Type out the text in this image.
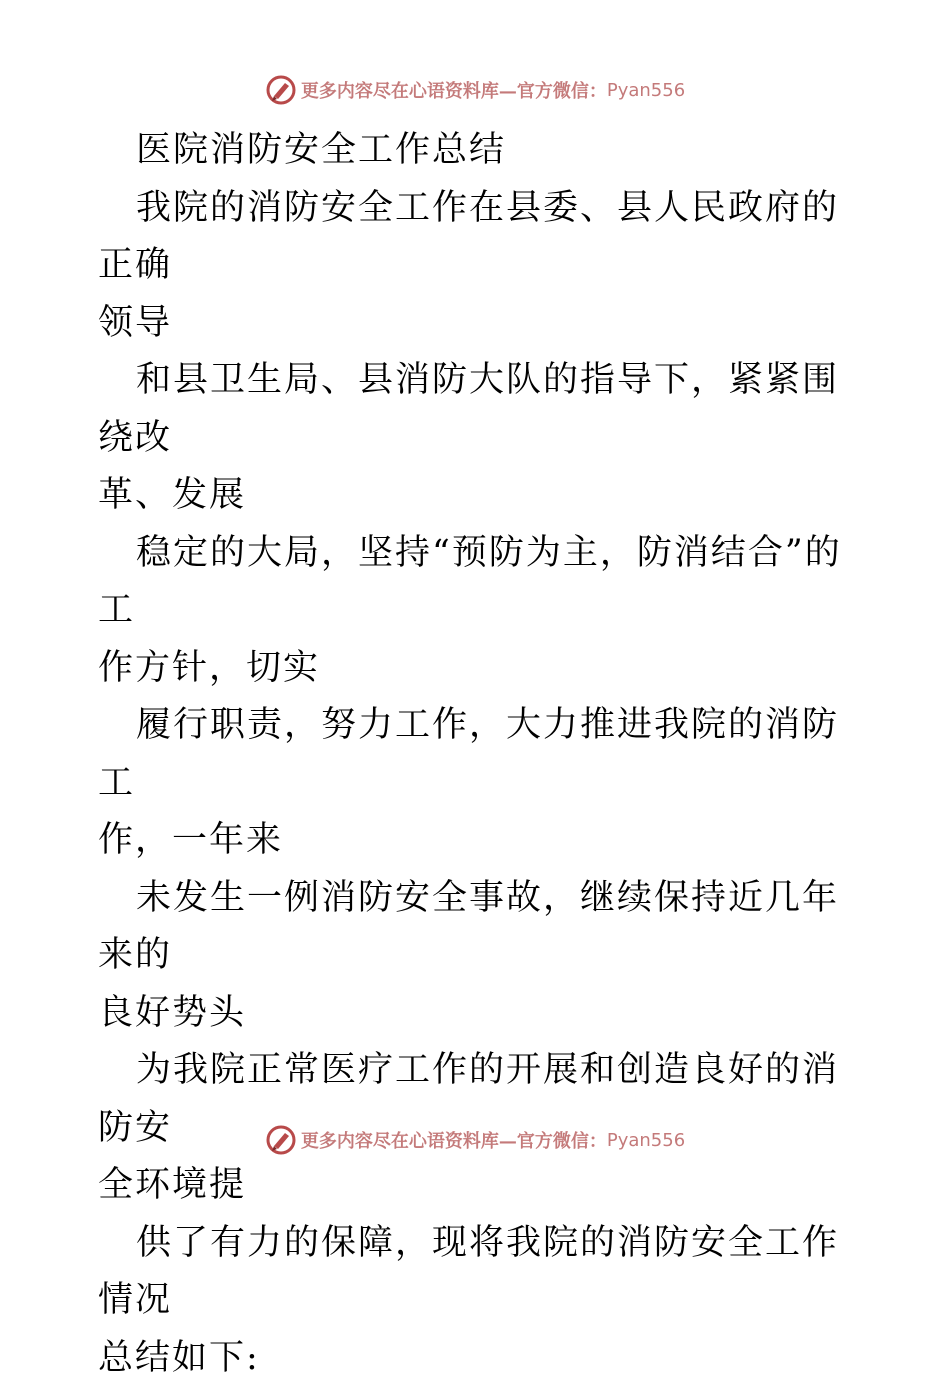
更多内容尽在心语资料库—官方微信： Pyan556

医院消防安全工作总结

我院的消防安全工作在县委、县人民政府的正确
领导

和县卫生局、县消防大队的指导下，紧紧围绕改
革、发展

稳定的大局，坚持“预防为主，防消结合”的工
作方针，切实

履行职责，努力工作，大力推进我院的消防工
作，一年来

未发生一例消防安全事故，继续保持近几年来的
良好势头

为我院正常医疗工作的开展和创造良好的消防安
全环境提

供了有力的保障，现将我院的消防安全工作情况
总结如下:

更多内容尽在心语资料库—官方微信： Pyan556
